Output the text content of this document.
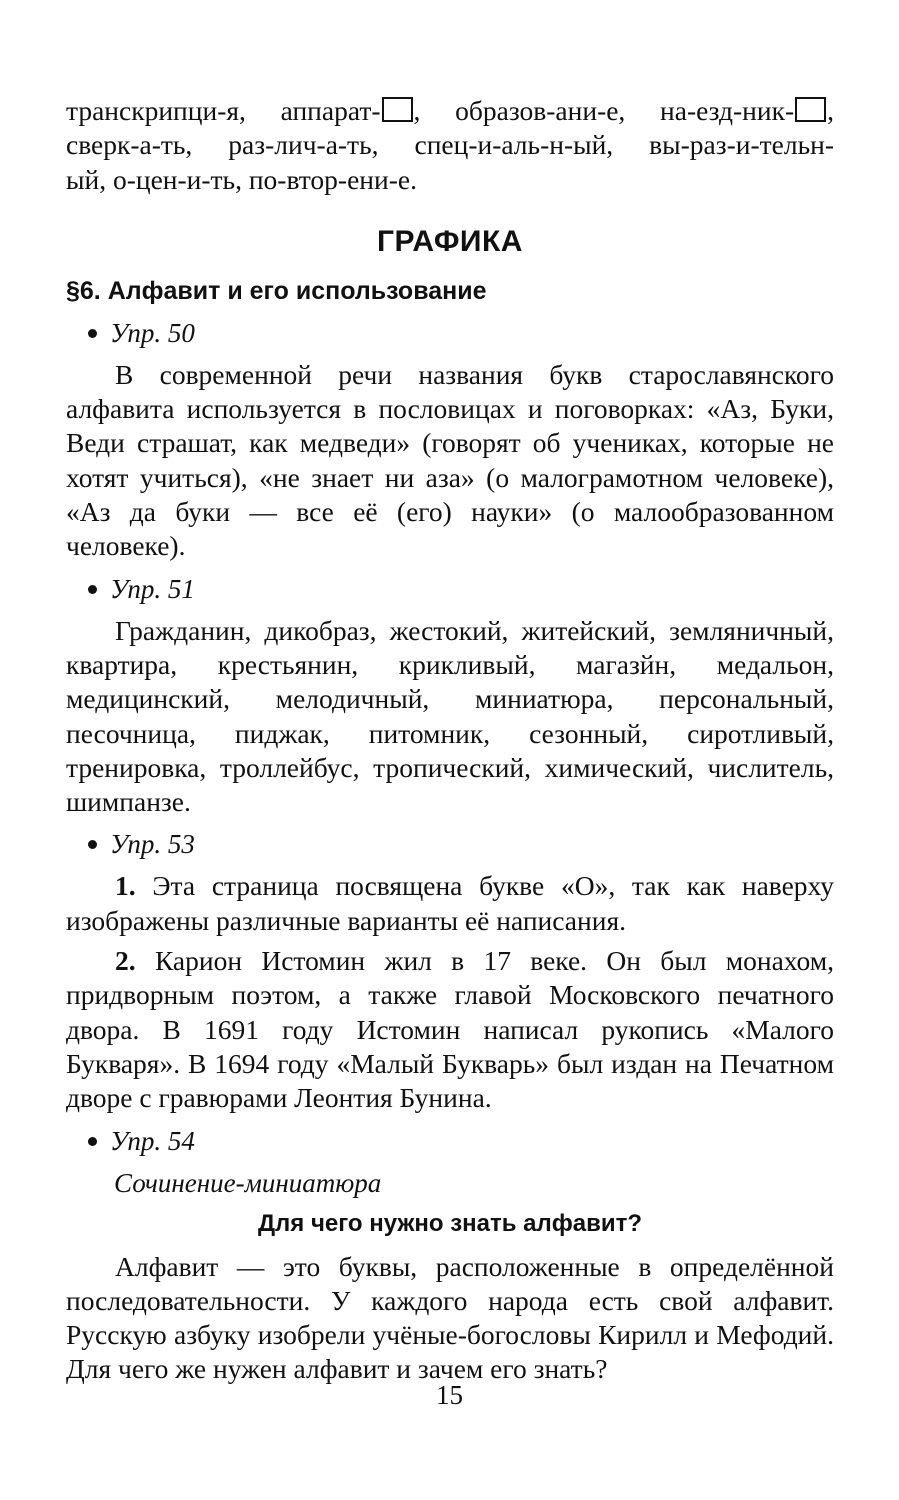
транскрипци-я, аппарат- , образов-ани-е, на-езд-ник- ,

сверк-а-ть, раз-лич-а-ть, спец-и-аль-н-ый, вы-раз-и-тельн-

ый, о-цен-и-ть, по-втор-ени-е.

ГРАФИКА
§6. Алфавит и его использование
Упр. 50

В современной речи названия букв старославянского алфавита используется в пословицах и поговорках: «Аз, Буки, Веди страшат, как медведи» (говорят об учениках, которые не хотят учиться), «не знает ни аза» (о малограмотном человеке), «Аз да буки — все её (его) науки» (о малообразованном человеке).

Упр. 51

Гражданин, дикобраз, жестокий, житейский, земляничный, квартира, крестьянин, крикливый, магазйн, медальон, медицинский, мелодичный, миниатюра, персональный, песочница, пиджак, питомник, сезонный, сиротливый, тренировка, троллейбус, тропический, химический, числитель, шимпанзе.

Упр. 53

1. Эта страница посвящена букве «О», так как наверху изображены различные варианты её написания.

2. Карион Истомин жил в 17 веке. Он был монахом, придворным поэтом, а также главой Московского печатного двора. В 1691 году Истомин написал рукопись «Малого Букваря». В 1694 году «Малый Букварь» был издан на Печатном дворе с гравюрами Леонтия Бунина.

Упр. 54
Сочинение-миниатюра
Для чего нужно знать алфавит?

Алфавит — это буквы, расположенные в определённой последовательности. У каждого народа есть свой алфавит. Русскую азбуку изобрели учёные-богословы Кирилл и Мефодий. Для чего же нужен алфавит и зачем его знать?

15
